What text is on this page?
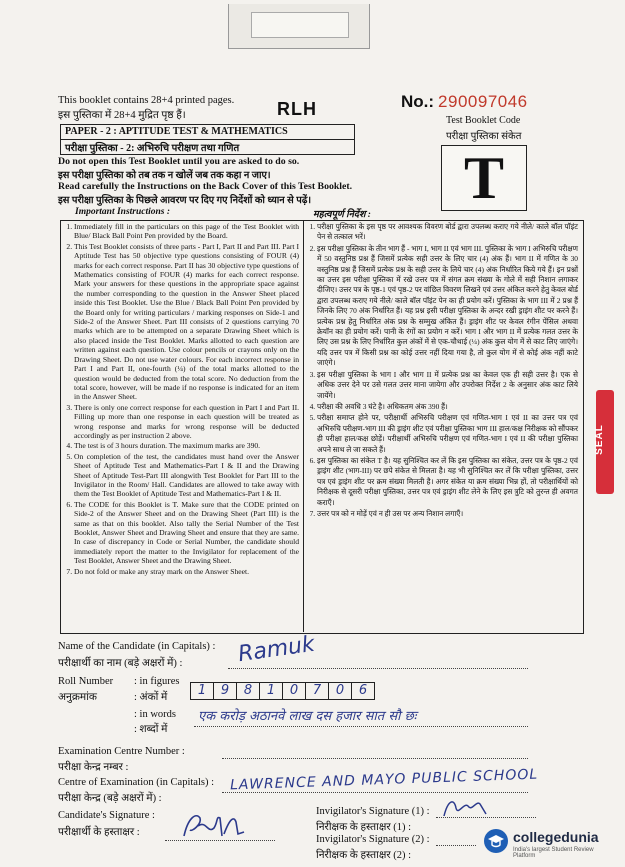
This booklet contains 28+4 printed pages.
इस पुस्तिका में 28+4 मुद्रित पृष्ठ हैं।	RLH	No.: 290097046
Test Booklet Code
परीक्षा पुस्तिका संकेत
T
PAPER - 2 : APTITUDE TEST & MATHEMATICS
परीक्षा पुस्तिका - 2: अभिरुचि परीक्षण तथा गणित
Do not open this Test Booklet until you are asked to do so.
इस परीक्षा पुस्तिका को तब तक न खोलें जब तक कहा न जाए।
Read carefully the Instructions on the Back Cover of this Test Booklet.
इस परीक्षा पुस्तिका के पिछले आवरण पर दिए गए निर्देशों को ध्यान से पढ़ें।
Important Instructions :	महत्वपूर्ण निर्देश :
1. Immediately fill in the particulars on this page of the Test Booklet with Blue/ Black Ball Point Pen provided by the Board.
2. This Test Booklet consists of three parts - Part I, Part II and Part III. Part I Aptitude Test has 50 objective type questions consisting of FOUR (4) marks for each correct response. Part II has 30 objective type questions of Mathematics consisting of FOUR (4) marks for each correct response. Mark your answers for these questions in the appropriate space against the number corresponding to the question in the Answer Sheet placed inside this Test Booklet. Use the Blue / Black Ball Point Pen provided by the Board only for writing particulars / marking responses on Side-1 and Side-2 of the Answer Sheet. Part III consists of 2 questions carrying 70 marks which are to be attempted on a separate Drawing Sheet which is also placed inside the Test Booklet. Marks allotted to each question are written against each question. Use colour pencils or crayons only on the Drawing Sheet. Do not use water colours. For each incorrect response in Part I and Part II, one-fourth (¼) of the total marks allotted to the question would be deducted from the total score. No deduction from the total score, however, will be made if no response is indicated for an item in the Answer Sheet.
3. There is only one correct response for each question in Part I and Part II. Filling up more than one response in each question will be treated as wrong response and marks for wrong response will be deducted accordingly as per instruction 2 above.
4. The test is of 3 hours duration. The maximum marks are 390.
5. On completion of the test, the candidates must hand over the Answer Sheet of Aptitude Test and Mathematics-Part I & II and the Drawing Sheet of Aptitude Test-Part III alongwith Test Booklet for Part III to the Invigilator in the Room/ Hall. Candidates are allowed to take away with them the Test Booklet of Aptitude Test and Mathematics-Part I & II.
6. The CODE for this Booklet is T. Make sure that the CODE printed on Side-2 of the Answer Sheet and on the Drawing Sheet (Part III) is the same as that on this booklet. Also tally the Serial Number of the Test Booklet, Answer Sheet and Drawing Sheet and ensure that they are same. In case of discrepancy in Code or Serial Number, the candidate should immediately report the matter to the Invigilator for replacement of the Test Booklet, Answer Sheet and the Drawing Sheet.
7. Do not fold or make any stray mark on the Answer Sheet.
1. परीक्षा पुस्तिका के इस पृष्ठ पर आवश्यक विवरण बोर्ड द्वारा उपलब्ध कराए गये नीले/ काले बॉल पॉइंट पेन से तत्काल भरें।
2. इस परीक्षा पुस्तिका के तीन भाग हैं - भाग I, भाग II एवं भाग III. पुस्तिका के भाग I अभिरुचि परीक्षण में 50 वस्तुनिष्ठ प्रश्न हैं जिसमें प्रत्येक सही उत्तर के लिए चार (4) अंक हैं। भाग II में गणित के 30 वस्तुनिष्ठ प्रश्न हैं जिसमें प्रत्येक प्रश्न के सही उत्तर के लिये चार (4) अंक निर्धारित किये गये हैं। इन प्रश्नों का उत्तर इस परीक्षा पुस्तिका में रखे उत्तर पत्र में संगत क्रम संख्या के गोले में सही निशान लगाकर दीजिए। उत्तर पत्र के पृष्ठ-1 एवं पृष्ठ-2 पर वांछित विवरण लिखने एवं उत्तर अंकित करने हेतु केवल बोर्ड द्वारा उपलब्ध कराए गये नीले/ काले बॉल पॉइंट पेन का ही प्रयोग करें। पुस्तिका के भाग III में 2 प्रश्न हैं जिनके लिए 70 अंक निर्धारित हैं। यह प्रश्न इसी परीक्षा पुस्तिका के अन्दर रखी ड्राइंग शीट पर करने हैं। प्रत्येक प्रश्न हेतु निर्धारित अंक प्रश्न के सम्मुख अंकित हैं। ड्राइंग शीट पर केवल रंगीन पेंसिल अथवा क्रेयॉन का ही प्रयोग करें। पानी के रंगों का प्रयोग न करें। भाग I और भाग II में प्रत्येक गलत उत्तर के लिए उस प्रश्न के लिए निर्धारित कुल अंकों में से एक-चौथाई (¼) अंक कुल योग में से काट लिए जाएंगे। यदि उत्तर पत्र में किसी प्रश्न का कोई उत्तर नहीं दिया गया है, तो कुल योग में से कोई अंक नहीं काटे जाएंगे।
3. इस परीक्षा पुस्तिका के भाग I और भाग II में प्रत्येक प्रश्न का केवल एक ही सही उत्तर है। एक से अधिक उत्तर देने पर उसे गलत उत्तर माना जायेगा और उपरोक्त निर्देश 2 के अनुसार अंक काट लिये जायेंगे।
4. परीक्षा की अवधि 3 घंटे है। अधिकतम अंक 390 हैं।
5. परीक्षा समाप्त होने पर, परीक्षार्थी अभिरुचि परीक्षण एवं गणित-भाग I एवं II का उत्तर पत्र एवं अभिरुचि परीक्षण-भाग III की ड्राइंग शीट एवं परीक्षा पुस्तिका भाग III हाल/कक्ष निरीक्षक को सौंपकर ही परीक्षा हाल/कक्ष छोड़ें। परीक्षार्थी अभिरुचि परीक्षण एवं गणित-भाग I एवं II की परीक्षा पुस्तिका अपने साथ ले जा सकते हैं।
6. इस पुस्तिका का संकेत T है। यह सुनिश्चित कर लें कि इस पुस्तिका का संकेत, उत्तर पत्र के पृष्ठ-2 एवं ड्राइंग शीट (भाग-III) पर छपे संकेत से मिलता है। यह भी सुनिश्चित कर लें कि परीक्षा पुस्तिका, उत्तर पत्र एवं ड्राइंग शीट पर क्रम संख्या मिलती है। अगर संकेत या क्रम संख्या भिन्न हों, तो परीक्षार्थियों को निरीक्षक से दूसरी परीक्षा पुस्तिका, उत्तर पत्र एवं ड्राइंग शीट लेने के लिए इस त्रुटि को तुरन्त ही अवगत कराएँ।
7. उत्तर पत्र को न मोड़ें एवं न ही उस पर अन्य निशान लगाएँ।
SEAL
Name of the Candidate (in Capitals) :
परीक्षार्थी का नाम (बड़े अक्षरों में) : Ramuk
Roll Number
अनुक्रमांक
: in figures
: अंकों में	1 9 8 1 0 7 0 6
: in words
: शब्दों में
एक करोड़ अठानवे लाख दस हजार सात सौ छः
Examination Centre Number :
परीक्षा केन्द्र नम्बर :
Centre of Examination (in Capitals) :
परीक्षा केन्द्र (बड़े अक्षरों में) :
LAWRENCE AND MAYO PUBLIC SCHOOL
Candidate's Signature :
परीक्षार्थी के हस्ताक्षर :
Invigilator's Signature (1) :
निरीक्षक के हस्ताक्षर (1) :
Invigilator's Signature (2) :
निरीक्षक के हस्ताक्षर (2) :
collegedunia
India's largest Student Review Platform
